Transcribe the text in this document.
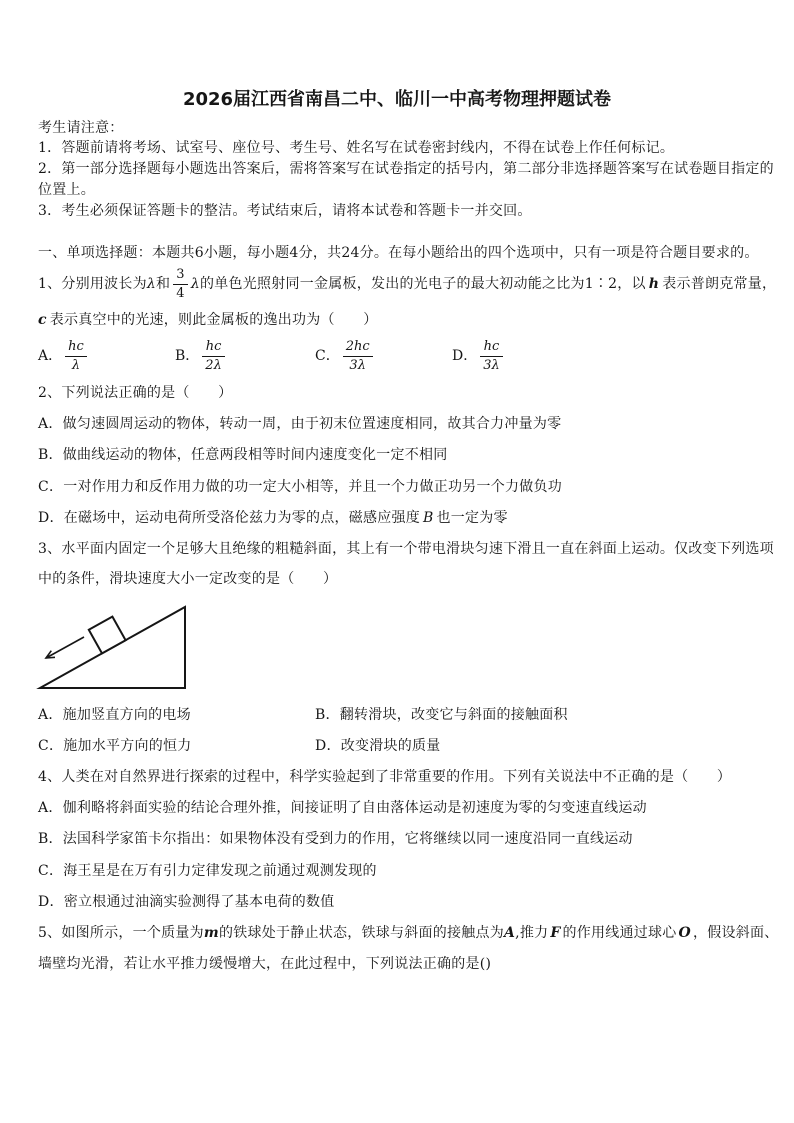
2026届江西省南昌二中、临川一中高考物理押题试卷
考生请注意：
1．答题前请将考场、试室号、座位号、考生号、姓名写在试卷密封线内，不得在试卷上作任何标记。
2．第一部分选择题每小题选出答案后，需将答案写在试卷指定的括号内，第二部分非选择题答案写在试卷题目指定的
位置上。
3．考生必须保证答题卡的整洁。考试结束后，请将本试卷和答题卡一并交回。
一、单项选择题：本题共6小题，每小题4分，共24分。在每小题给出的四个选项中，只有一项是符合题目要求的。
1、分别用波长为λ和 $\frac{3}{4}$ λ的单色光照射同一金属板，发出的光电子的最大初动能之比为1∶2，以 h 表示普朗克常量，
c 表示真空中的光速，则此金属板的逸出功为（　　）
A． $\frac{hc}{\lambda}$	B． $\frac{hc}{2\lambda}$	C． $\frac{2hc}{3\lambda}$	D． $\frac{hc}{3\lambda}$
2、下列说法正确的是（　　）
A．做匀速圆周运动的物体，转动一周，由于初末位置速度相同，故其合力冲量为零
B．做曲线运动的物体，任意两段相等时间内速度变化一定不相同
C．一对作用力和反作用力做的功一定大小相等，并且一个力做正功另一个力做负功
D．在磁场中，运动电荷所受洛伦兹力为零的点，磁感应强度 B 也一定为零
3、水平面内固定一个足够大且绝缘的粗糙斜面，其上有一个带电滑块匀速下滑且一直在斜面上运动。仅改变下列选项
中的条件，滑块速度大小一定改变的是（　　）
A．施加竖直方向的电场	B．翻转滑块，改变它与斜面的接触面积
C．施加水平方向的恒力	D．改变滑块的质量
4、人类在对自然界进行探索的过程中，科学实验起到了非常重要的作用。下列有关说法中不正确的是（　　）
A．伽利略将斜面实验的结论合理外推，间接证明了自由落体运动是初速度为零的匀变速直线运动
B．法国科学家笛卡尔指出：如果物体没有受到力的作用，它将继续以同一速度沿同一直线运动
C．海王星是在万有引力定律发现之前通过观测发现的
D．密立根通过油滴实验测得了基本电荷的数值
5、如图所示，一个质量为m的铁球处于静止状态，铁球与斜面的接触点为A,推力 F 的作用线通过球心 O ，假设斜面、
墙壁均光滑，若让水平推力缓慢增大，在此过程中，下列说法正确的是()
